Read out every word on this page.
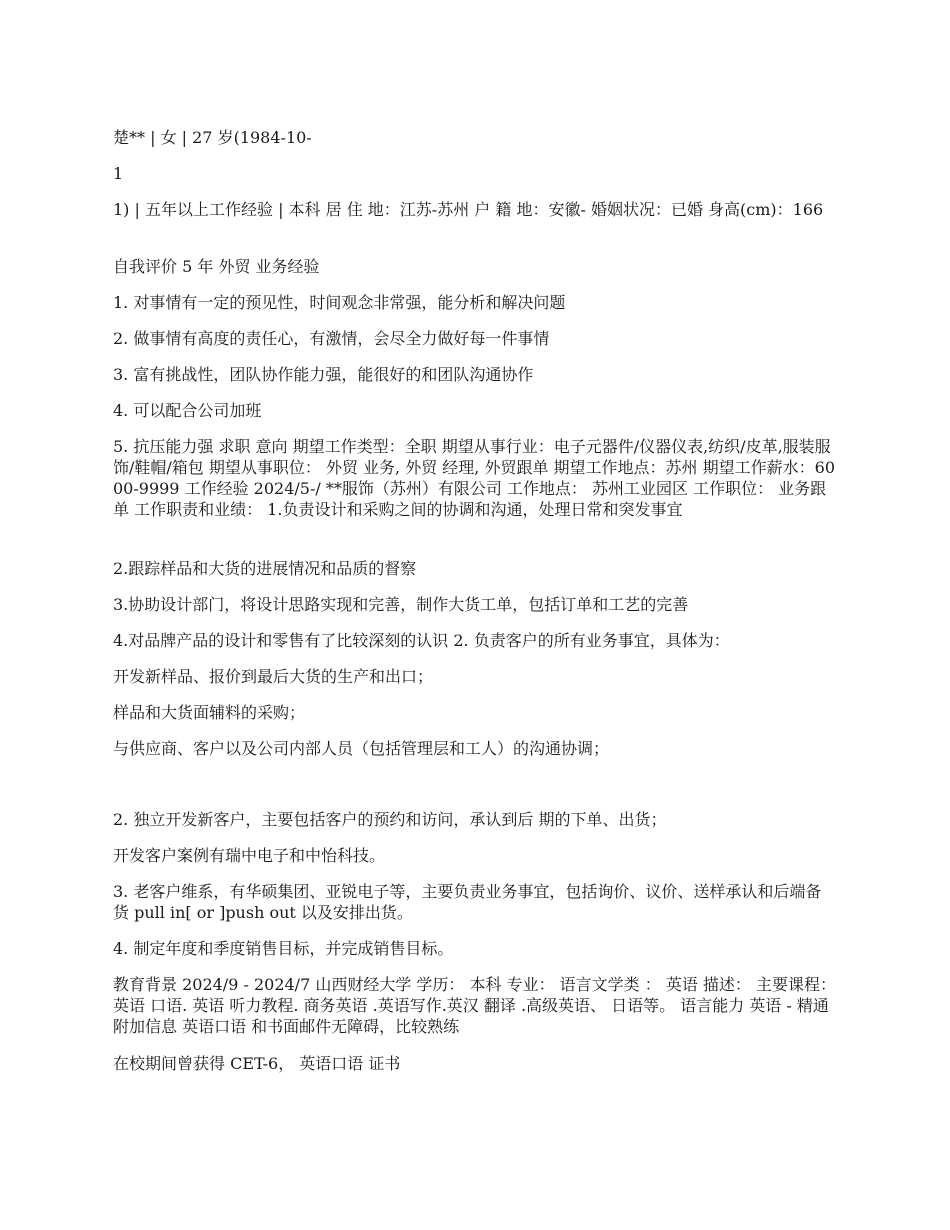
楚** | 女 | 27 岁(1984-10-

1

1) | 五年以上工作经验 | 本科 居 住 地：江苏-苏州 户 籍 地：安徽- 婚姻状况：已婚 身高(cm)：166

自我评价 5 年 外贸 业务经验

1. 对事情有一定的预见性，时间观念非常强，能分析和解决问题

2. 做事情有高度的责任心，有激情，会尽全力做好每一件事情

3. 富有挑战性，团队协作能力强，能很好的和团队沟通协作

4. 可以配合公司加班

5. 抗压能力强 求职 意向 期望工作类型：全职 期望从事行业：电子元器件/仪器仪表,纺织/皮革,服装服饰/鞋帽/箱包 期望从事职位： 外贸 业务, 外贸 经理, 外贸跟单 期望工作地点：苏州 期望工作薪水：6000-9999 工作经验 2024/5-/ **服饰（苏州）有限公司 工作地点： 苏州工业园区 工作职位： 业务跟单 工作职责和业绩： 1.负责设计和采购之间的协调和沟通，处理日常和突发事宜

2.跟踪样品和大货的进展情况和品质的督察

3.协助设计部门，将设计思路实现和完善，制作大货工单，包括订单和工艺的完善

4.对品牌产品的设计和零售有了比较深刻的认识 2. 负责客户的所有业务事宜，具体为：

开发新样品、报价到最后大货的生产和出口；

样品和大货面辅料的采购；

与供应商、客户以及公司内部人员（包括管理层和工人）的沟通协调；

2. 独立开发新客户，主要包括客户的预约和访问，承认到后 期的下单、出货；

开发客户案例有瑞中电子和中怡科技。

3. 老客户维系，有华硕集团、亚锐电子等，主要负责业务事宜，包括询价、议价、送样承认和后端备货 pull in[ or ]push out 以及安排出货。

4. 制定年度和季度销售目标，并完成销售目标。

教育背景 2024/9 - 2024/7 山西财经大学 学历： 本科 专业： 语言文学类 ： 英语 描述： 主要课程： 英语 口语. 英语 听力教程. 商务英语 .英语写作.英汉 翻译 .高级英语、 日语等。 语言能力 英语 - 精通 附加信息 英语口语 和书面邮件无障碍，比较熟练

在校期间曾获得 CET-6， 英语口语 证书
